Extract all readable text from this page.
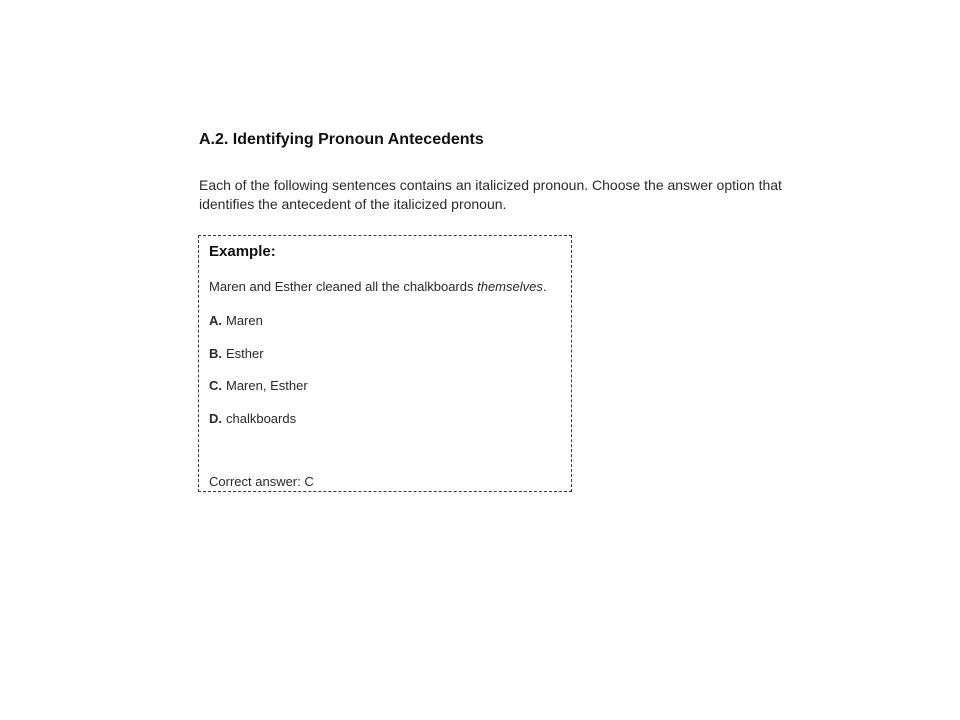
A.2. Identifying Pronoun Antecedents

Each of the following sentences contains an italicized pronoun. Choose the answer option that identifies the antecedent of the italicized pronoun.

Example:

Maren and Esther cleaned all the chalkboards themselves.

A. Maren

B. Esther

C. Maren, Esther

D. chalkboards

Correct answer: C
